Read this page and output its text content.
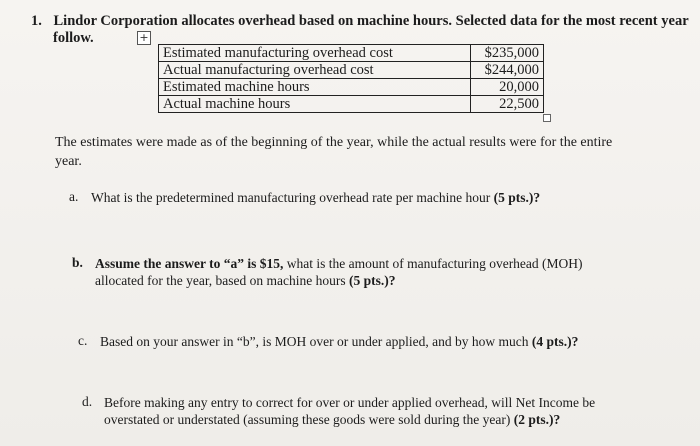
1. Lindor Corporation allocates overhead based on machine hours. Selected data for the most recent year
follow.	+
Estimated manufacturing overhead cost	$235,000
Actual manufacturing overhead cost	$244,000
Estimated machine hours	20,000
Actual machine hours	22,500
The estimates were made as of the beginning of the year, while the actual results were for the entire
year.
a. What is the predetermined manufacturing overhead rate per machine hour (5 pts.)?
b. Assume the answer to “a” is $15, what is the amount of manufacturing overhead (MOH)
allocated for the year, based on machine hours (5 pts.)?
c. Based on your answer in “b”, is MOH over or under applied, and by how much (4 pts.)?
d. Before making any entry to correct for over or under applied overhead, will Net Income be
overstated or understated (assuming these goods were sold during the year) (2 pts.)?
